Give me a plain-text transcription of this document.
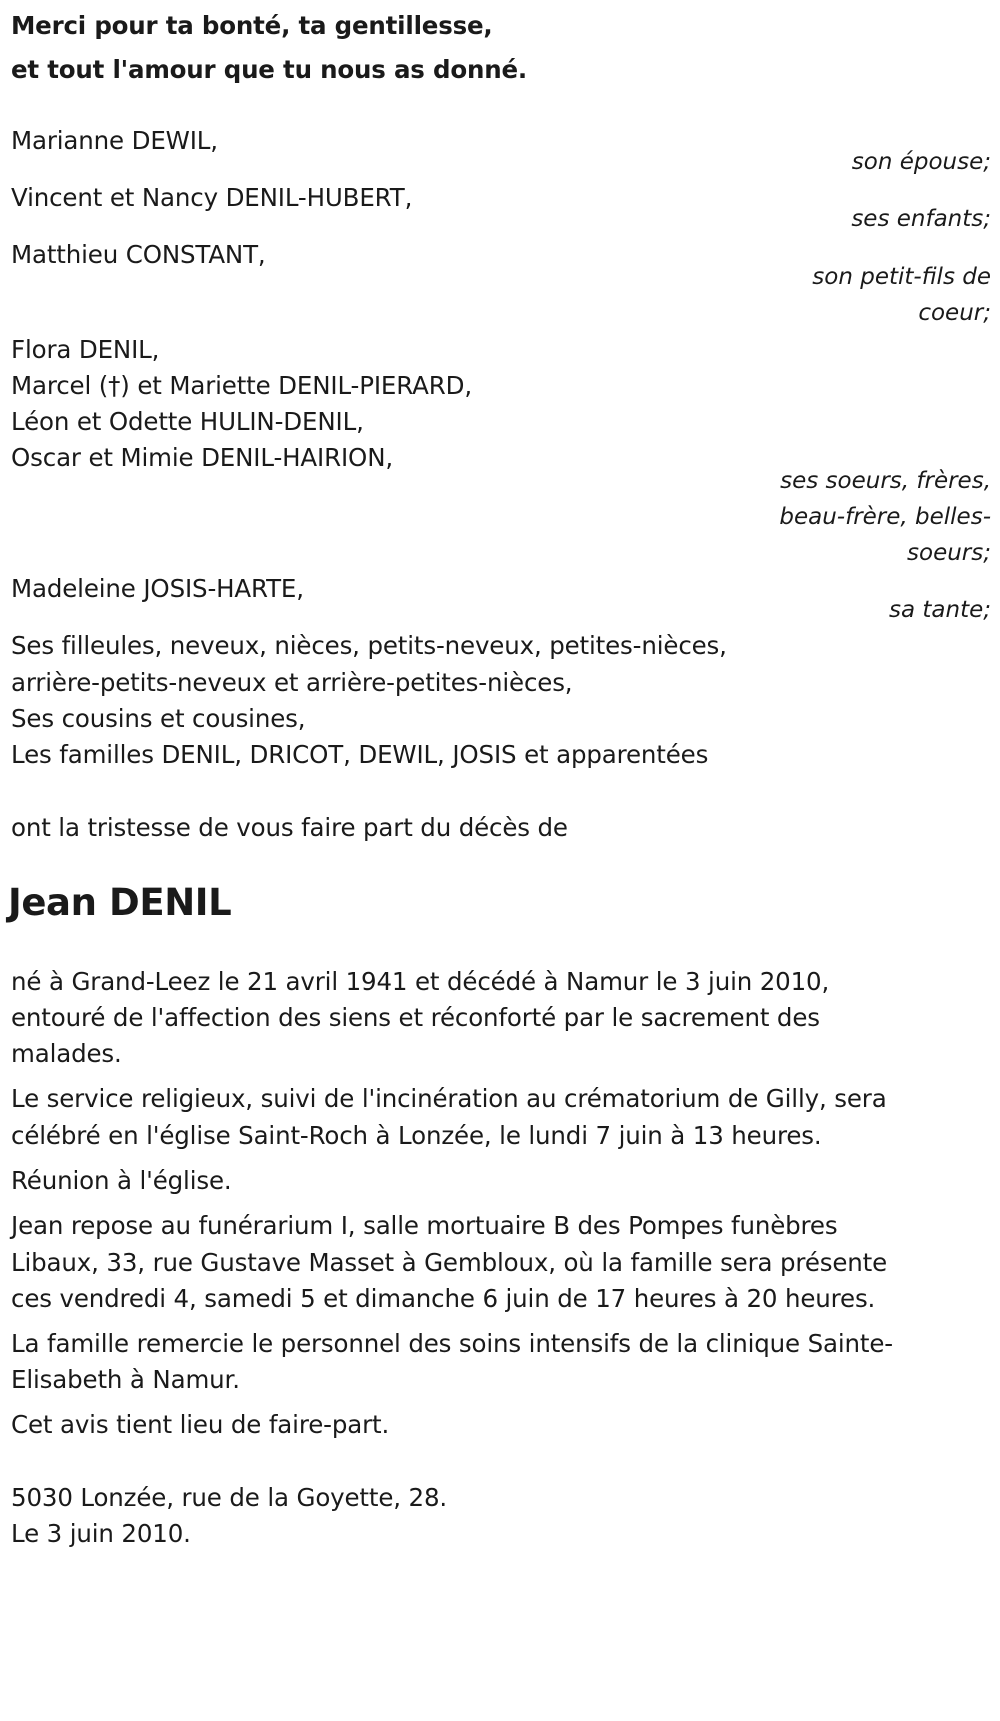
Merci pour ta bonté, ta gentillesse,
et tout l'amour que tu nous as donné.
Marianne DEWIL,
son épouse;
Vincent et Nancy DENIL-HUBERT,
ses enfants;
Matthieu CONSTANT,
son petit-fils de
coeur;
Flora DENIL,
Marcel (†) et Mariette DENIL-PIERARD,
Léon et Odette HULIN-DENIL,
Oscar et Mimie DENIL-HAIRION,
ses soeurs, frères,
beau-frère, belles-
soeurs;
Madeleine JOSIS-HARTE,
sa tante;
Ses filleules, neveux, nièces, petits-neveux, petites-nièces,
arrière-petits-neveux et arrière-petites-nièces,
Ses cousins et cousines,
Les familles DENIL, DRICOT, DEWIL, JOSIS et apparentées
ont la tristesse de vous faire part du décès de
Jean DENIL
né à Grand-Leez le 21 avril 1941 et décédé à Namur le 3 juin 2010,
entouré de l'affection des siens et réconforté par le sacrement des
malades.
Le service religieux, suivi de l'incinération au crématorium de Gilly, sera
célébré en l'église Saint-Roch à Lonzée, le lundi 7 juin à 13 heures.
Réunion à l'église.
Jean repose au funérarium I, salle mortuaire B des Pompes funèbres
Libaux, 33, rue Gustave Masset à Gembloux, où la famille sera présente
ces vendredi 4, samedi 5 et dimanche 6 juin de 17 heures à 20 heures.
La famille remercie le personnel des soins intensifs de la clinique Sainte-
Elisabeth à Namur.
Cet avis tient lieu de faire-part.
5030 Lonzée, rue de la Goyette, 28.
Le 3 juin 2010.
